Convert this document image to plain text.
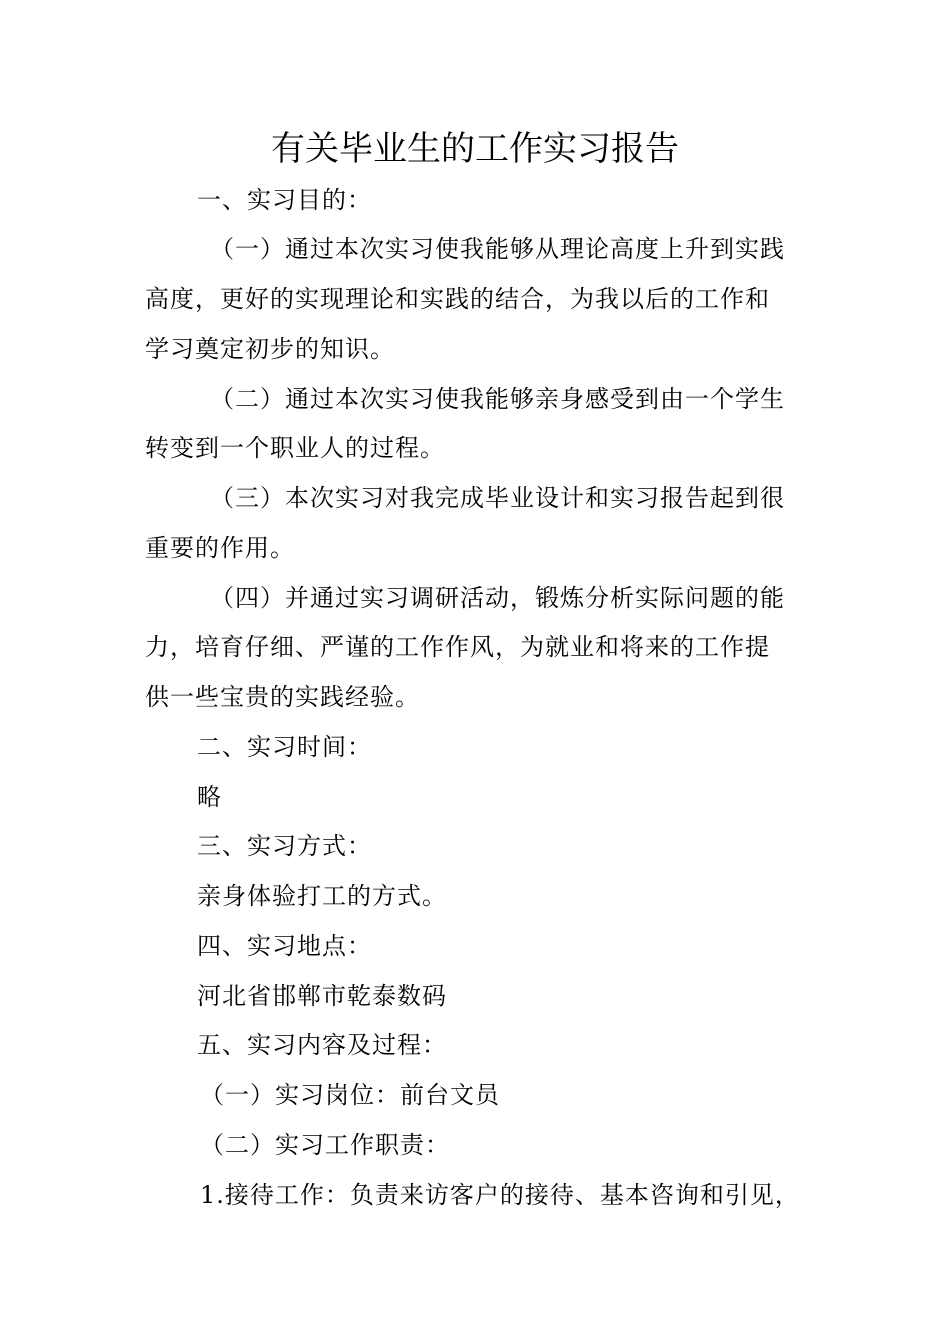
有关毕业生的工作实习报告
一、实习目的：
（一）通过本次实习使我能够从理论高度上升到实践
高度，更好的实现理论和实践的结合，为我以后的工作和
学习奠定初步的知识。
（二）通过本次实习使我能够亲身感受到由一个学生
转变到一个职业人的过程。
（三）本次实习对我完成毕业设计和实习报告起到很
重要的作用。
（四）并通过实习调研活动，锻炼分析实际问题的能
力，培育仔细、严谨的工作作风，为就业和将来的工作提
供一些宝贵的实践经验。
二、实习时间：
略
三、实习方式：
亲身体验打工的方式。
四、实习地点：
河北省邯郸市乾泰数码
五、实习内容及过程：
（一）实习岗位：前台文员
（二）实习工作职责：
1.接待工作：负责来访客户的接待、基本咨询和引见，
